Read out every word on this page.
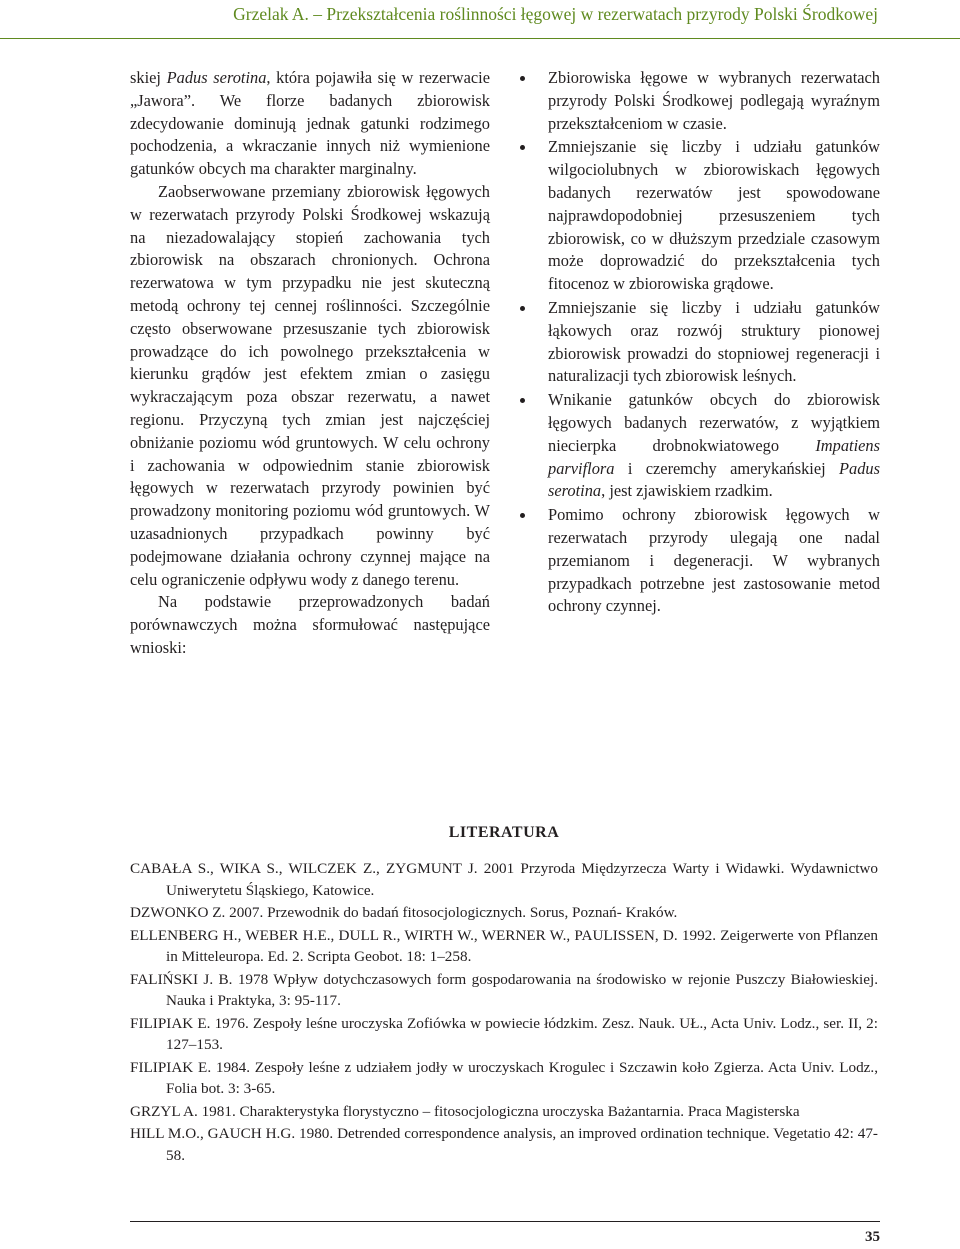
Grzelak A. – Przekształcenia roślinności łęgowej w rezerwatach przyrody Polski Środkowej

skiej Padus serotina, która pojawiła się w rezerwacie „Jawora”. We florze badanych zbiorowisk zdecydowanie dominują jednak gatunki rodzimego pochodzenia, a wkraczanie innych niż wymienione gatunków obcych ma charakter marginalny.

Zaobserwowane przemiany zbiorowisk łęgowych w rezerwatach przyrody Polski Środkowej wskazują na niezadowalający stopień zachowania tych zbiorowisk na obszarach chronionych. Ochrona rezerwatowa w tym przypadku nie jest skuteczną metodą ochrony tej cennej roślinności. Szczególnie często obserwowane przesuszanie tych zbiorowisk prowadzące do ich powolnego przekształcenia w kierunku grądów jest efektem zmian o zasięgu wykraczającym poza obszar rezerwatu, a nawet regionu. Przyczyną tych zmian jest najczęściej obniżanie poziomu wód gruntowych. W celu ochrony i zachowania w odpowiednim stanie zbiorowisk łęgowych w rezerwatach przyrody powinien być prowadzony monitoring poziomu wód gruntowych. W uzasadnionych przypadkach powinny być podejmowane działania ochrony czynnej mające na celu ograniczenie odpływu wody z danego terenu.

Na podstawie przeprowadzonych badań porównawczych można sformułować następujące wnioski:

Zbiorowiska łęgowe w wybranych rezerwatach przyrody Polski Środkowej podlegają wyraźnym przekształceniom w czasie.
Zmniejszanie się liczby i udziału gatunków wilgociolubnych w zbiorowiskach łęgowych badanych rezerwatów jest spowodowane najprawdopodobniej przesuszeniem tych zbiorowisk, co w dłuższym przedziale czasowym może doprowadzić do przekształcenia tych fitocenoz w zbiorowiska grądowe.
Zmniejszanie się liczby i udziału gatunków łąkowych oraz rozwój struktury pionowej zbiorowisk prowadzi do stopniowej regeneracji i naturalizacji tych zbiorowisk leśnych.
Wnikanie gatunków obcych do zbiorowisk łęgowych badanych rezerwatów, z wyjątkiem niecierpka drobnokwiatowego Impatiens parviflora i czeremchy amerykańskiej Padus serotina, jest zjawiskiem rzadkim.
Pomimo ochrony zbiorowisk łęgowych w rezerwatach przyrody ulegają one nadal przemianom i degeneracji. W wybranych przypadkach potrzebne jest zastosowanie metod ochrony czynnej.
LITERATURA
CABAŁA S., WIKA S., WILCZEK Z., ZYGMUNT J. 2001 Przyroda Międzyrzecza Warty i Widawki. Wydawnictwo Uniwerytetu Śląskiego, Katowice.
DZWONKO Z. 2007. Przewodnik do badań fitosocjologicznych. Sorus, Poznań- Kraków.
ELLENBERG H., WEBER H.E., DULL R., WIRTH W., WERNER W., PAULISSEN, D. 1992. Zeigerwerte von Pflanzen in Mitteleuropa. Ed. 2. Scripta Geobot. 18: 1–258.
FALIŃSKI J. B. 1978 Wpływ dotychczasowych form gospodarowania na środowisko w rejonie Puszczy Białowieskiej. Nauka i Praktyka, 3: 95-117.
FILIPIAK E. 1976. Zespoły leśne uroczyska Zofiówka w powiecie łódzkim. Zesz. Nauk. UŁ., Acta Univ. Lodz., ser. II, 2: 127–153.
FILIPIAK E. 1984. Zespoły leśne z udziałem jodły w uroczyskach Krogulec i Szczawin koło Zgierza. Acta Univ. Lodz., Folia bot. 3: 3-65.
GRZYL A. 1981. Charakterystyka florystyczno – fitosocjologiczna uroczyska Bażantarnia. Praca Magisterska
HILL M.O., GAUCH H.G. 1980. Detrended correspondence analysis, an improved ordination technique. Vegetatio 42: 47-58.
35
